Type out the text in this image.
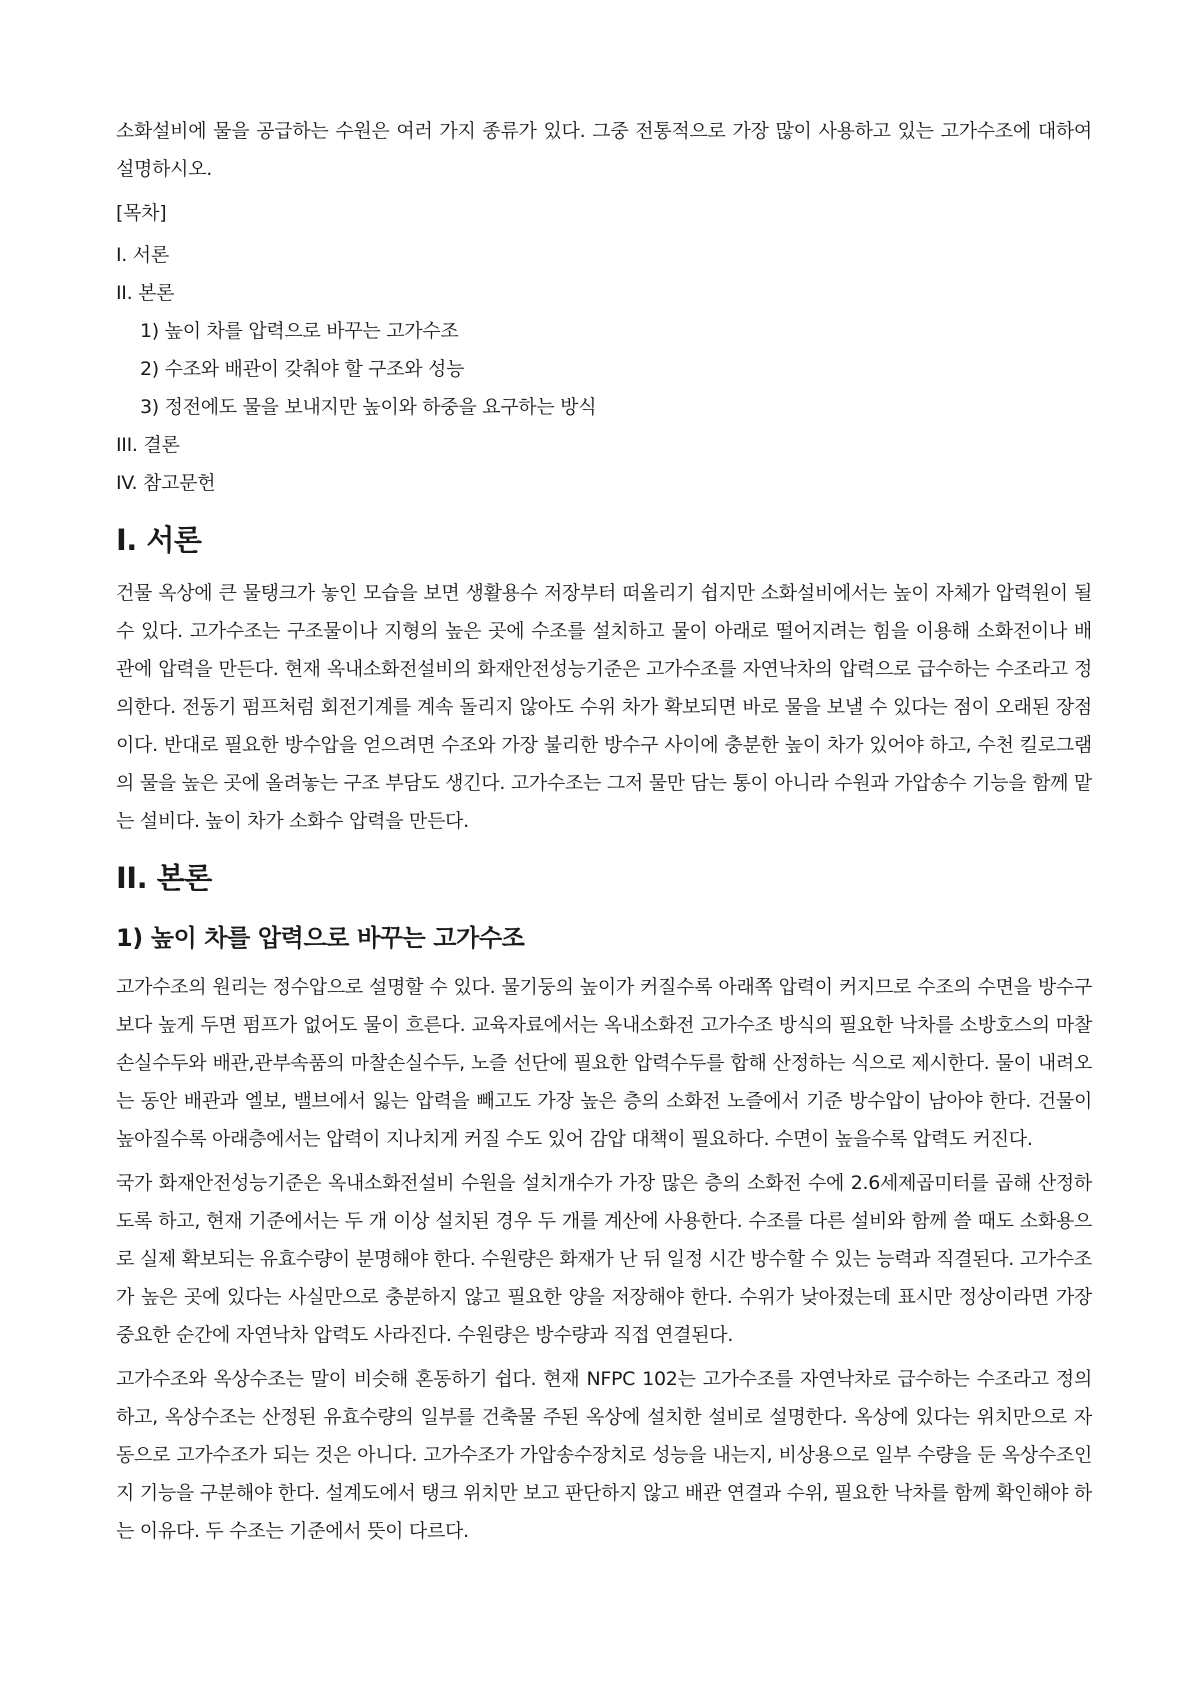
소화설비에 물을 공급하는 수원은 여러 가지 종류가 있다. 그중 전통적으로 가장 많이 사용하고 있는 고가수조에 대하여 설명하시오.

[목차]
I. 서론
II. 본론
1) 높이 차를 압력으로 바꾸는 고가수조
2) 수조와 배관이 갖춰야 할 구조와 성능
3) 정전에도 물을 보내지만 높이와 하중을 요구하는 방식
III. 결론
IV. 참고문헌
I. 서론

건물 옥상에 큰 물탱크가 놓인 모습을 보면 생활용수 저장부터 떠올리기 쉽지만 소화설비에서는 높이 자체가 압력원이 될 수 있다. 고가수조는 구조물이나 지형의 높은 곳에 수조를 설치하고 물이 아래로 떨어지려는 힘을 이용해 소화전이나 배관에 압력을 만든다. 현재 옥내소화전설비의 화재안전성능기준은 고가수조를 자연낙차의 압력으로 급수하는 수조라고 정의한다. 전동기 펌프처럼 회전기계를 계속 돌리지 않아도 수위 차가 확보되면 바로 물을 보낼 수 있다는 점이 오래된 장점이다. 반대로 필요한 방수압을 얻으려면 수조와 가장 불리한 방수구 사이에 충분한 높이 차가 있어야 하고, 수천 킬로그램의 물을 높은 곳에 올려놓는 구조 부담도 생긴다. 고가수조는 그저 물만 담는 통이 아니라 수원과 가압송수 기능을 함께 맡는 설비다. 높이 차가 소화수 압력을 만든다.

II. 본론
1) 높이 차를 압력으로 바꾸는 고가수조

고가수조의 원리는 정수압으로 설명할 수 있다. 물기둥의 높이가 커질수록 아래쪽 압력이 커지므로 수조의 수면을 방수구보다 높게 두면 펌프가 없어도 물이 흐른다. 교육자료에서는 옥내소화전 고가수조 방식의 필요한 낙차를 소방호스의 마찰손실수두와 배관,관부속품의 마찰손실수두, 노즐 선단에 필요한 압력수두를 합해 산정하는 식으로 제시한다. 물이 내려오는 동안 배관과 엘보, 밸브에서 잃는 압력을 빼고도 가장 높은 층의 소화전 노즐에서 기준 방수압이 남아야 한다. 건물이 높아질수록 아래층에서는 압력이 지나치게 커질 수도 있어 감압 대책이 필요하다. 수면이 높을수록 압력도 커진다.

국가 화재안전성능기준은 옥내소화전설비 수원을 설치개수가 가장 많은 층의 소화전 수에 2.6세제곱미터를 곱해 산정하도록 하고, 현재 기준에서는 두 개 이상 설치된 경우 두 개를 계산에 사용한다. 수조를 다른 설비와 함께 쓸 때도 소화용으로 실제 확보되는 유효수량이 분명해야 한다. 수원량은 화재가 난 뒤 일정 시간 방수할 수 있는 능력과 직결된다. 고가수조가 높은 곳에 있다는 사실만으로 충분하지 않고 필요한 양을 저장해야 한다. 수위가 낮아졌는데 표시만 정상이라면 가장 중요한 순간에 자연낙차 압력도 사라진다. 수원량은 방수량과 직접 연결된다.

고가수조와 옥상수조는 말이 비슷해 혼동하기 쉽다. 현재 NFPC 102는 고가수조를 자연낙차로 급수하는 수조라고 정의하고, 옥상수조는 산정된 유효수량의 일부를 건축물 주된 옥상에 설치한 설비로 설명한다. 옥상에 있다는 위치만으로 자동으로 고가수조가 되는 것은 아니다. 고가수조가 가압송수장치로 성능을 내는지, 비상용으로 일부 수량을 둔 옥상수조인지 기능을 구분해야 한다. 설계도에서 탱크 위치만 보고 판단하지 않고 배관 연결과 수위, 필요한 낙차를 함께 확인해야 하는 이유다. 두 수조는 기준에서 뜻이 다르다.
